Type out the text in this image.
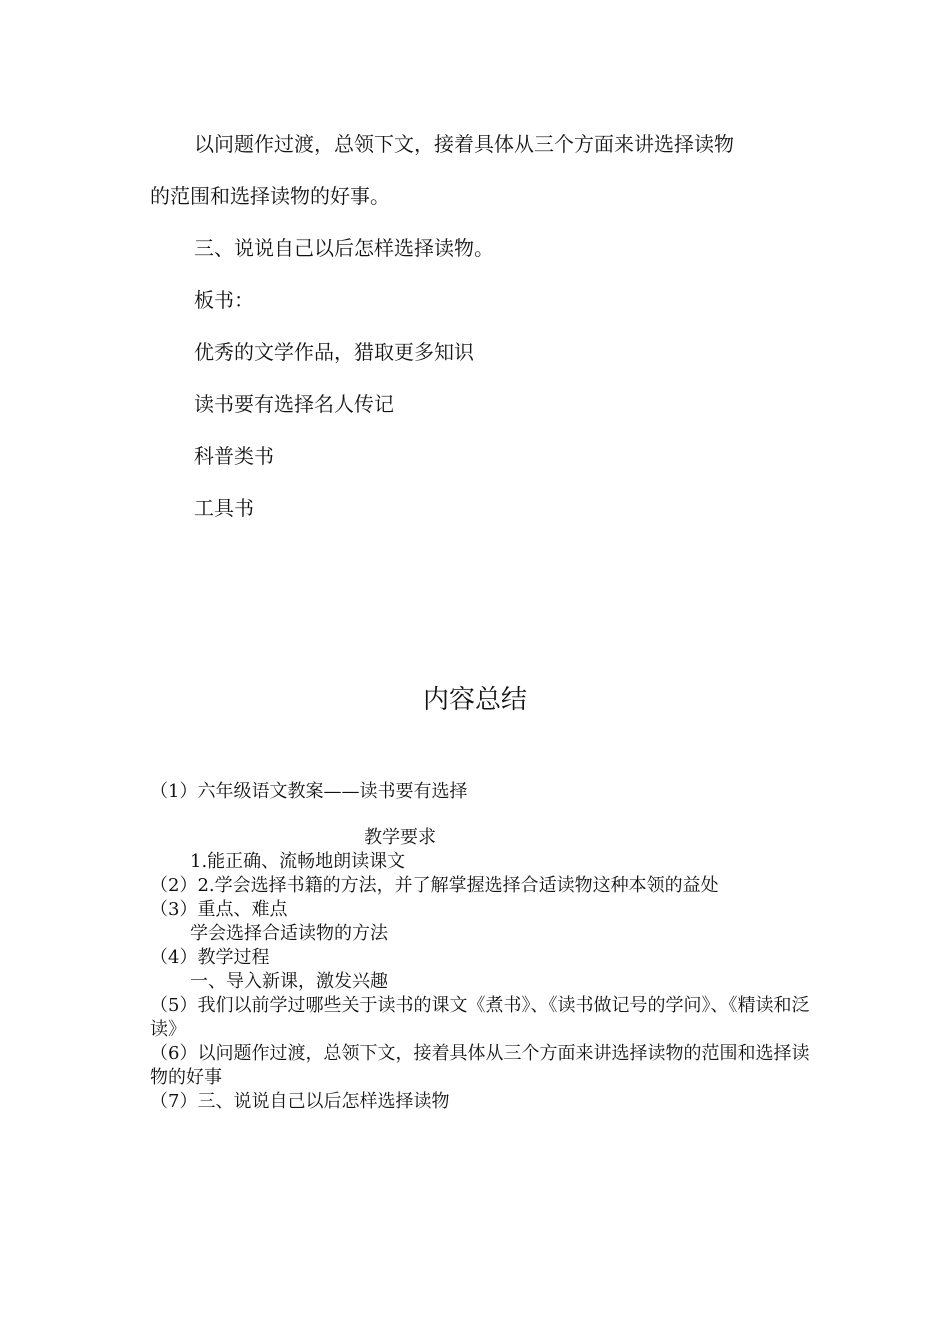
以问题作过渡，总领下文，接着具体从三个方面来讲选择读物

的范围和选择读物的好事。

三、说说自己以后怎样选择读物。

板书：

优秀的文学作品，猎取更多知识

读书要有选择名人传记

科普类书

工具书

内容总结

（1）六年级语文教案——读书要有选择

教学要求

1.能正确、流畅地朗读课文

（2）2.学会选择书籍的方法，并了解掌握选择合适读物这种本领的益处

（3）重点、难点

学会选择合适读物的方法

（4）教学过程

一、导入新课，激发兴趣

（5）我们以前学过哪些关于读书的课文《煮书》、《读书做记号的学问》、《精读和泛读》

（6）以问题作过渡，总领下文，接着具体从三个方面来讲选择读物的范围和选择读物的好事

（7）三、说说自己以后怎样选择读物
